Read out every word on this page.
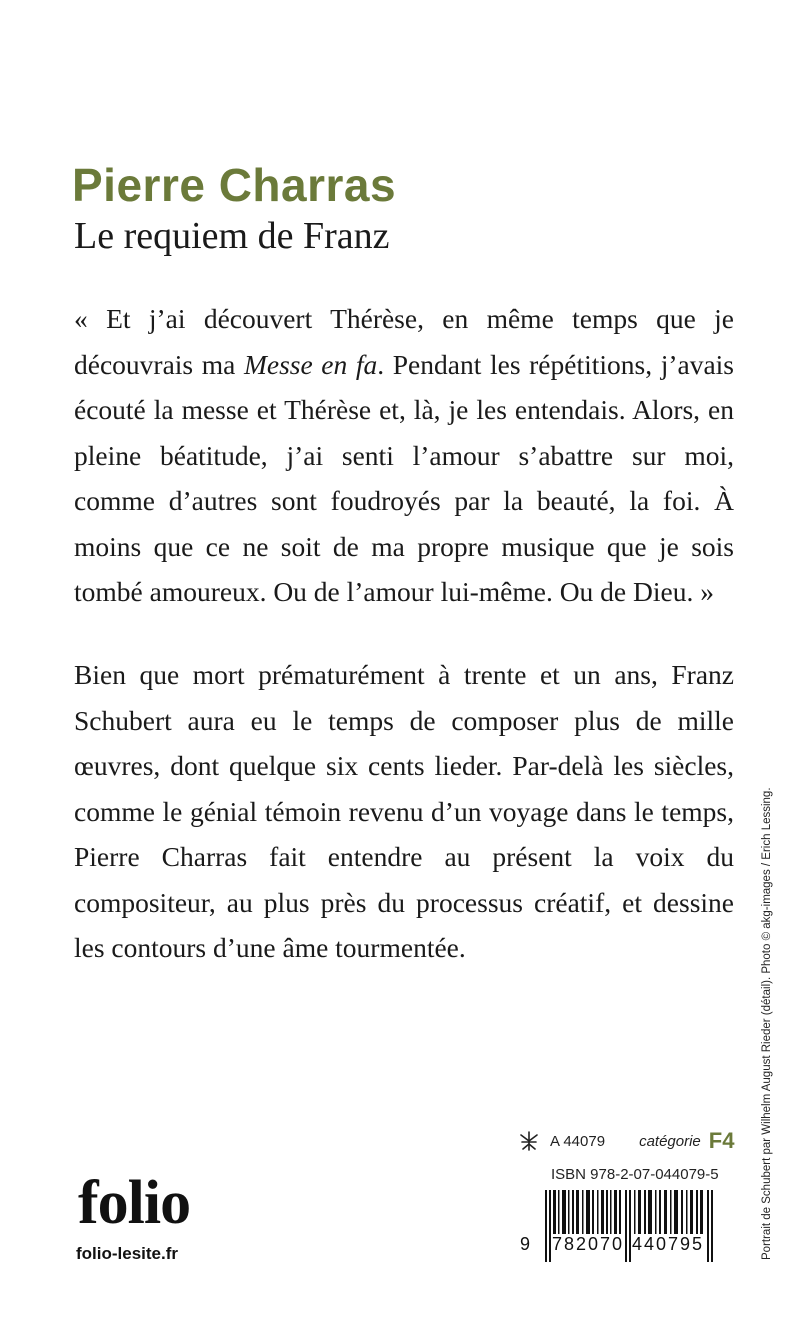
Pierre Charras
Le requiem de Franz

« Et j’ai découvert Thérèse, en même temps que je découvrais ma Messe en fa. Pendant les répétitions, j’avais écouté la messe et Thérèse et, là, je les entendais. Alors, en pleine béatitude, j’ai senti l’amour s’abattre sur moi, comme d’autres sont foudroyés par la beauté, la foi. À moins que ce ne soit de ma propre musique que je sois tombé amoureux. Ou de l’amour lui-même. Ou de Dieu. »

Bien que mort prématurément à trente et un ans, Franz Schubert aura eu le temps de composer plus de mille œuvres, dont quelque six cents lieder. Par-delà les siècles, comme le génial témoin revenu d’un voyage dans le temps, Pierre Charras fait entendre au présent la voix du compositeur, au plus près du processus créatif, et dessine les contours d’une âme tourmentée.	Portrait de Schubert par Wilhelm August Rieder (détail). Photo © akg-images / Erich Lessing.
folio
folio-lesite.fr
A 44079 catégorie F4
ISBN 978-2-07-044079-5
9 782070 440795
